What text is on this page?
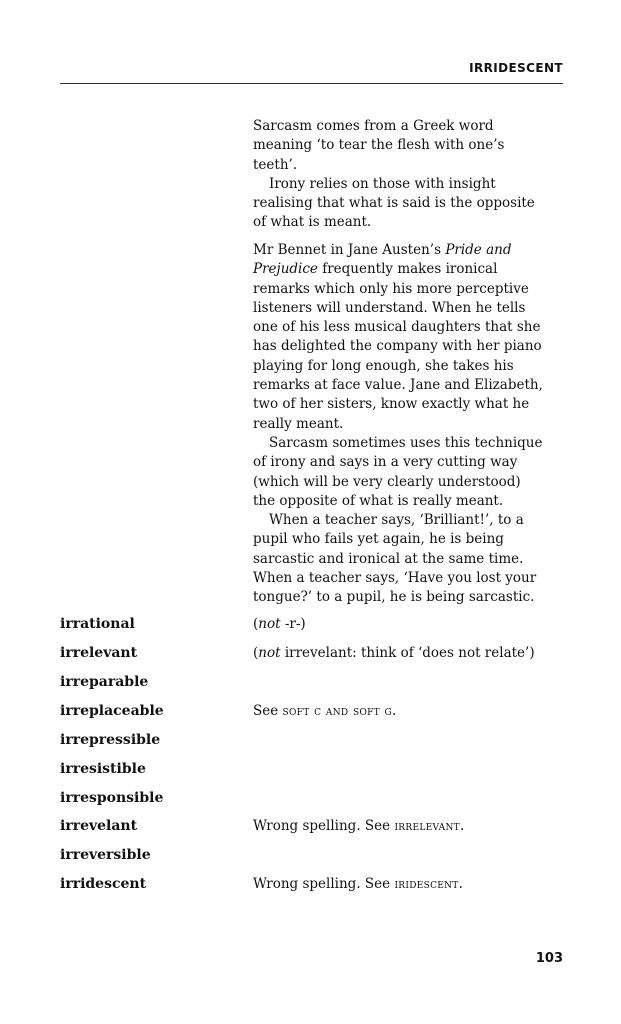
IRRIDESCENT

Sarcasm comes from a Greek word
meaning ‘to tear the flesh with one’s
teeth’.

Irony relies on those with insight
realising that what is said is the opposite
of what is meant.

Mr Bennet in Jane Austen’s Pride and
Prejudice frequently makes ironical
remarks which only his more perceptive
listeners will understand. When he tells
one of his less musical daughters that she
has delighted the company with her piano
playing for long enough, she takes his
remarks at face value. Jane and Elizabeth,
two of her sisters, know exactly what he
really meant.

Sarcasm sometimes uses this technique
of irony and says in a very cutting way
(which will be very clearly understood)
the opposite of what is really meant.

When a teacher says, ‘Brilliant!’, to a
pupil who fails yet again, he is being
sarcastic and ironical at the same time.
When a teacher says, ‘Have you lost your
tongue?’ to a pupil, he is being sarcastic.

irrational	(not -r-)
irrelevant	(not irrevelant: think of ‘does not relate’)
irreparable
irreplaceable	See soft c and soft g.
irrepressible
irresistible
irresponsible
irrevelant	Wrong spelling. See irrelevant.
irreversible
irridescent	Wrong spelling. See iridescent.
103
